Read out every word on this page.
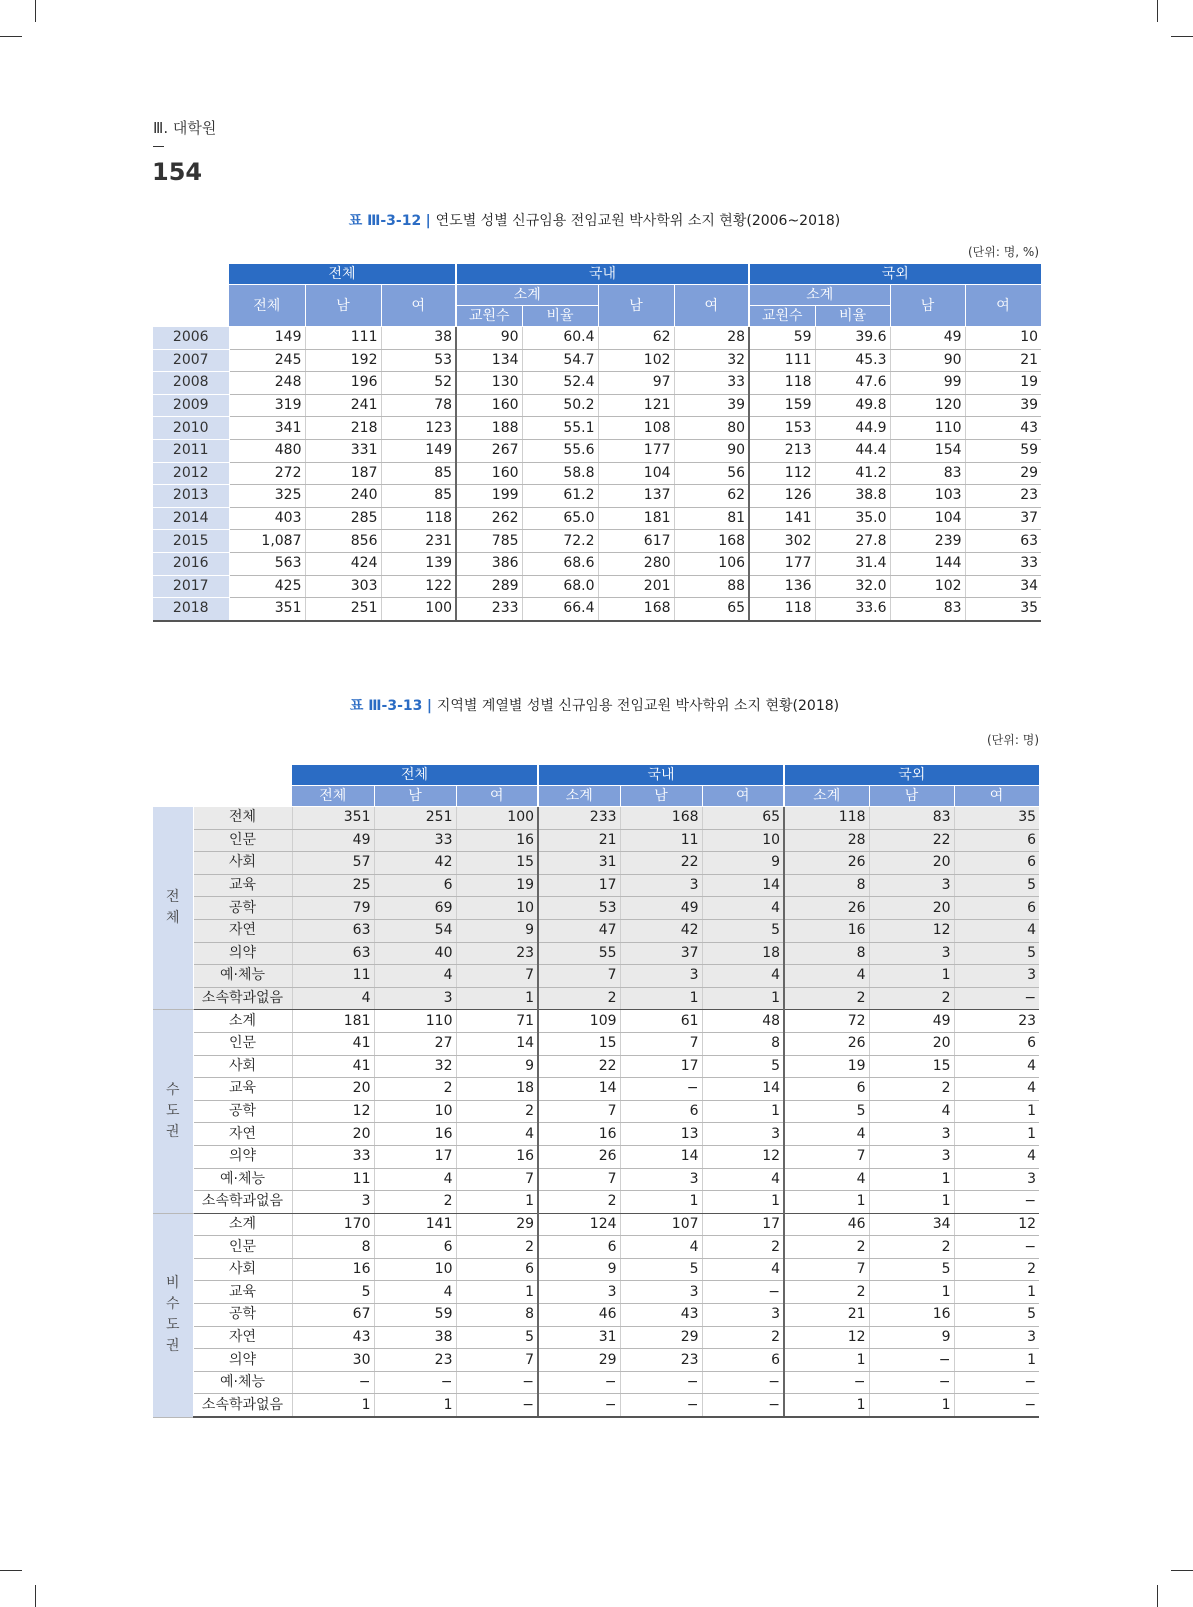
Ⅲ. 대학원
154
표 Ⅲ-3-12 | 연도별 성별 신규임용 전임교원 박사학위 소지 현황(2006~2018)
(단위: 명, %)
	전체			국내				국외			
	전체	남	여	소계		남	여	소계		남	여
				교원수	비율			교원수	비율		
2006	149	111	38	90	60.4	62	28	59	39.6	49	10
2007	245	192	53	134	54.7	102	32	111	45.3	90	21
2008	248	196	52	130	52.4	97	33	118	47.6	99	19
2009	319	241	78	160	50.2	121	39	159	49.8	120	39
2010	341	218	123	188	55.1	108	80	153	44.9	110	43
2011	480	331	149	267	55.6	177	90	213	44.4	154	59
2012	272	187	85	160	58.8	104	56	112	41.2	83	29
2013	325	240	85	199	61.2	137	62	126	38.8	103	23
2014	403	285	118	262	65.0	181	81	141	35.0	104	37
2015	1,087	856	231	785	72.2	617	168	302	27.8	239	63
2016	563	424	139	386	68.6	280	106	177	31.4	144	33
2017	425	303	122	289	68.0	201	88	136	32.0	102	34
2018	351	251	100	233	66.4	168	65	118	33.6	83	35
표 Ⅲ-3-13 | 지역별 계열별 성별 신규임용 전임교원 박사학위 소지 현황(2018)
(단위: 명)
		전체			국내			국외		
		전체	남	여	소계	남	여	소계	남	여
전
체	전체	351	251	100	233	168	65	118	83	35
	인문	49	33	16	21	11	10	28	22	6
	사회	57	42	15	31	22	9	26	20	6
	교육	25	6	19	17	3	14	8	3	5
	공학	79	69	10	53	49	4	26	20	6
	자연	63	54	9	47	42	5	16	12	4
	의약	63	40	23	55	37	18	8	3	5
	예·체능	11	4	7	7	3	4	4	1	3
	소속학과없음	4	3	1	2	1	1	2	2	−
수
도
권	소계	181	110	71	109	61	48	72	49	23
	인문	41	27	14	15	7	8	26	20	6
	사회	41	32	9	22	17	5	19	15	4
	교육	20	2	18	14	−	14	6	2	4
	공학	12	10	2	7	6	1	5	4	1
	자연	20	16	4	16	13	3	4	3	1
	의약	33	17	16	26	14	12	7	3	4
	예·체능	11	4	7	7	3	4	4	1	3
	소속학과없음	3	2	1	2	1	1	1	1	−
비
수
도
권	소계	170	141	29	124	107	17	46	34	12
	인문	8	6	2	6	4	2	2	2	−
	사회	16	10	6	9	5	4	7	5	2
	교육	5	4	1	3	3	−	2	1	1
	공학	67	59	8	46	43	3	21	16	5
	자연	43	38	5	31	29	2	12	9	3
	의약	30	23	7	29	23	6	1	−	1
	예·체능	−	−	−	−	−	−	−	−	−
	소속학과없음	1	1	−	−	−	−	1	1	−
